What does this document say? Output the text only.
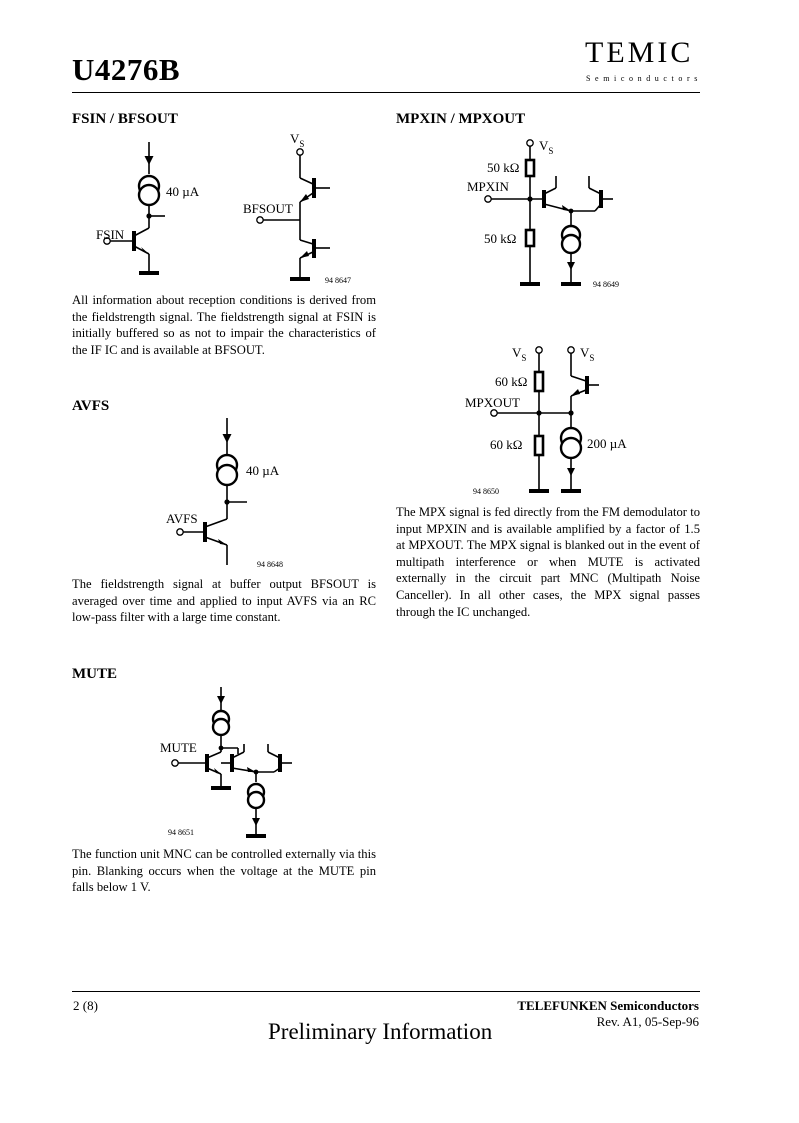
U4276B	TEMIC
Semiconductors
FSIN / BFSOUT
40 µA
FSIN
$V_S$
BFSOUT
94 8647

All information about reception conditions is derived from the fieldstrength signal. The fieldstrength signal at FSIN is initially buffered so as not to impair the characteristics of the IF IC and is available at BFSOUT.

AVFS
40 µA
AVFS
94 8648

The fieldstrength signal at buffer output BFSOUT is averaged over time and applied to input AVFS via an RC low-pass filter with a large time constant.

MUTE
MUTE
94 8651

The function unit MNC can be controlled externally via this pin. Blanking occurs when the voltage at the MUTE pin falls below 1 V.

MPXIN / MPXOUT
$V_S$
50 kΩ
MPXIN
50 kΩ
94 8649
$V_S$	$V_S$
60 kΩ
MPXOUT
60 kΩ	200 µA
94 8650

The MPX signal is fed directly from the FM demodulator to input MPXIN and is available amplified by a factor of 1.5 at MPXOUT. The MPX signal is blanked out in the event of multipath interference or when MUTE is activated externally in the circuit part MNC (Multipath Noise Canceller). In all other cases, the MPX signal passes through the IC unchanged.

2 (8)	TELEFUNKEN Semiconductors
Rev. A1, 05-Sep-96
Preliminary Information
